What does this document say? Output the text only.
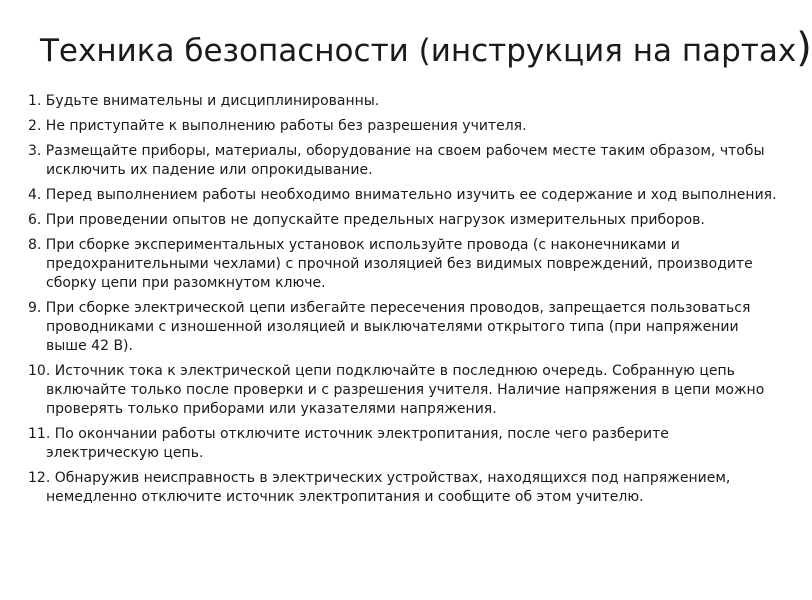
Техника безопасности (инструкция на партах)
1. Будьте внимательны и дисциплинированны.
2. Не приступайте к выполнению работы без разрешения учителя.
3. Размещайте приборы, материалы, оборудование на своем рабочем месте таким образом, чтобы исключить их падение или опрокидывание.
4. Перед выполнением работы необходимо внимательно изучить ее содержание и ход выполнения.
6. При проведении опытов не допускайте предельных нагрузок измерительных приборов.
8. При сборке экспериментальных установок используйте провода (с наконечниками и предохранительными чехлами) с прочной изоляцией без видимых повреждений, производите сборку цепи при разомкнутом ключе.
9. При сборке электрической цепи избегайте пересечения проводов, запрещается пользоваться проводниками с изношенной изоляцией и выключателями открытого типа (при напряжении выше 42 В).
10. Источник тока к электрической цепи подключайте в последнюю очередь. Собранную цепь включайте только после проверки и с разрешения учителя. Наличие напряжения в цепи можно проверять только приборами или указателями напряжения.
11. По окончании работы отключите источник электропитания, после чего разберите электрическую цепь.
12. Обнаружив неисправность в электрических устройствах, находящихся под напряжением, немедленно отключите источник электропитания и сообщите об этом учителю.
